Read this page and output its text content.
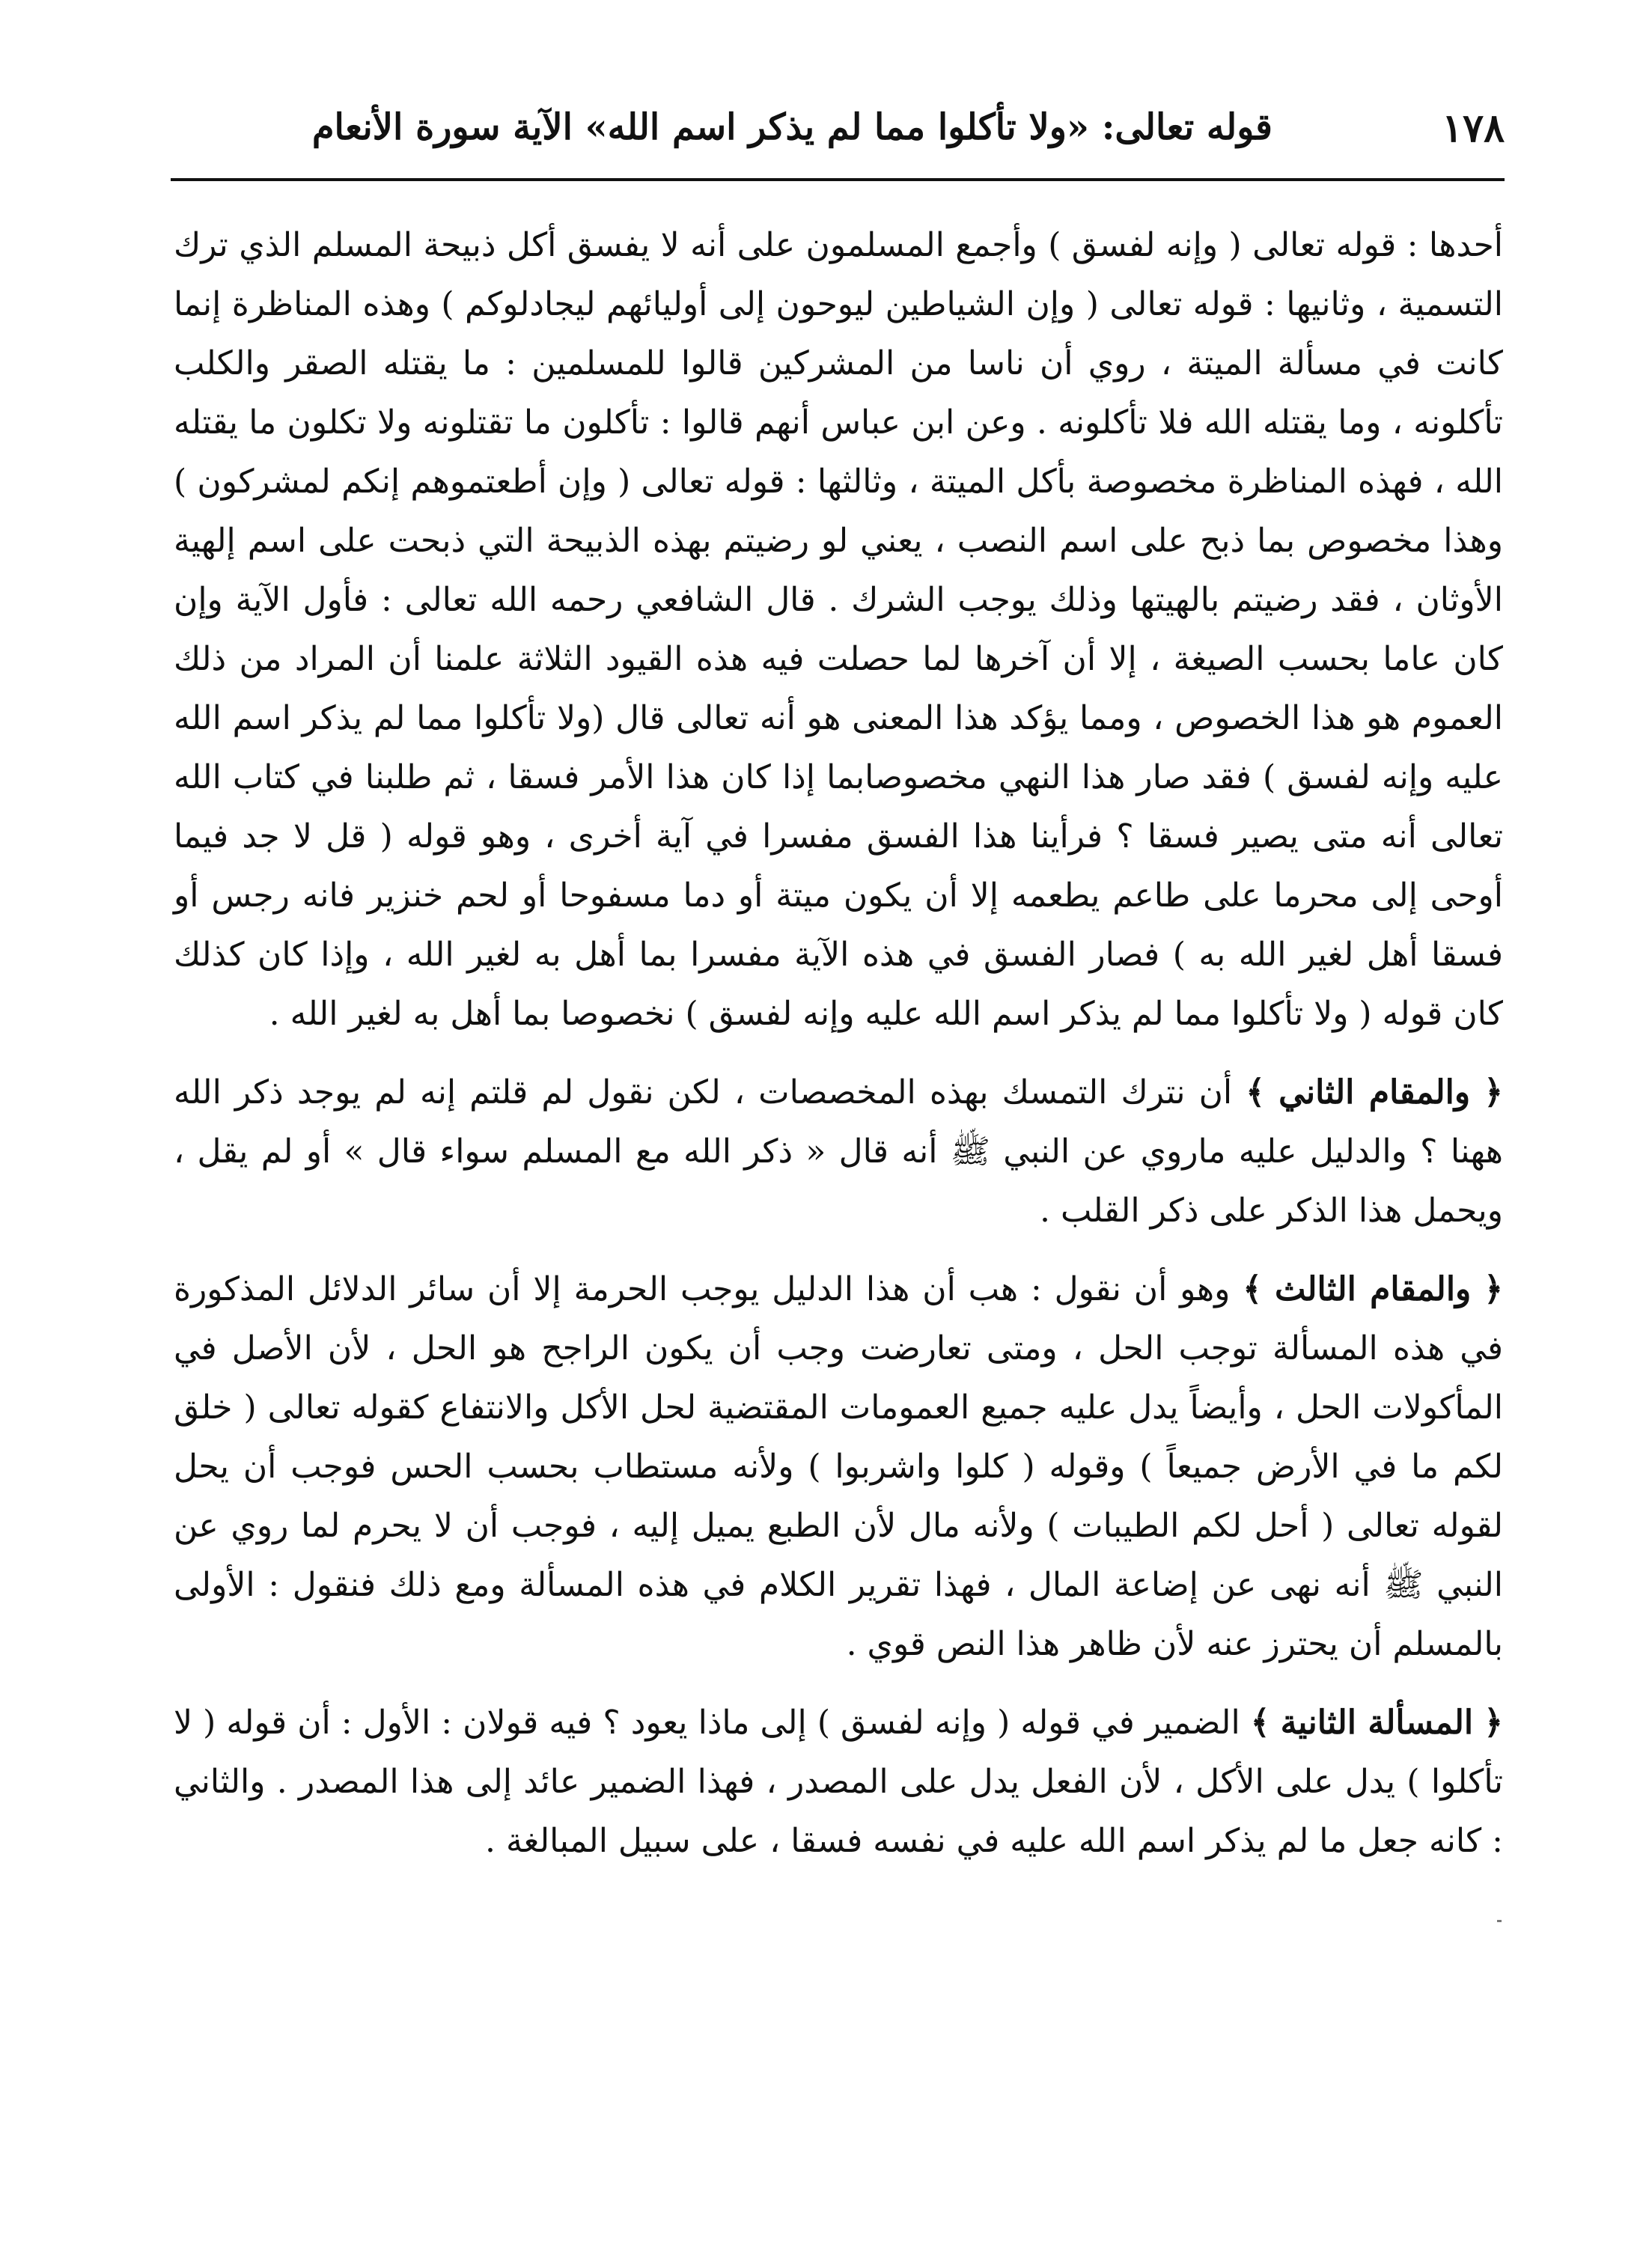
١٧٨
قوله تعالى: «ولا تأكلوا مما لم يذكر اسم الله» الآية سورة الأنعام

أحدها : قوله تعالى ( وإنه لفسق ) وأجمع المسلمون على أنه لا يفسق أكل ذبيحة المسلم الذي ترك التسمية ، وثانيها : قوله تعالى ( وإن الشياطين ليوحون إلى أوليائهم ليجادلوكم ) وهذه المناظرة إنما كانت في مسألة الميتة ، روي أن ناسا من المشركين قالوا للمسلمين : ما يقتله الصقر والكلب تأكلونه ، وما يقتله الله فلا تأكلونه . وعن ابن عباس أنهم قالوا : تأكلون ما تقتلونه ولا تكلون ما يقتله الله ، فهذه المناظرة مخصوصة بأكل الميتة ، وثالثها : قوله تعالى ( وإن أطعتموهم إنكم لمشركون ) وهذا مخصوص بما ذبح على اسم النصب ، يعني لو رضيتم بهذه الذبيحة التي ذبحت على اسم إلهية الأوثان ، فقد رضيتم بالهيتها وذلك يوجب الشرك . قال الشافعي رحمه الله تعالى : فأول الآية وإن كان عاما بحسب الصيغة ، إلا أن آخرها لما حصلت فيه هذه القيود الثلاثة علمنا أن المراد من ذلك العموم هو هذا الخصوص ، ومما يؤكد هذا المعنى هو أنه تعالى قال (ولا تأكلوا مما لم يذكر اسم الله عليه وإنه لفسق ) فقد صار هذا النهي مخصوصابما إذا كان هذا الأمر فسقا ، ثم طلبنا في كتاب الله تعالى أنه متى يصير فسقا ؟ فرأينا هذا الفسق مفسرا في آية أخرى ، وهو قوله ( قل لا جد فيما أوحى إلى محرما على طاعم يطعمه إلا أن يكون ميتة أو دما مسفوحا أو لحم خنزير فانه رجس أو فسقا أهل لغير الله به ) فصار الفسق في هذه الآية مفسرا بما أهل به لغير الله ، وإذا كان كذلك كان قوله ( ولا تأكلوا مما لم يذكر اسم الله عليه وإنه لفسق ) نخصوصا بما أهل به لغير الله .

﴿ والمقام الثاني ﴾ أن نترك التمسك بهذه المخصصات ، لكن نقول لم قلتم إنه لم يوجد ذكر الله ههنا ؟ والدليل عليه ماروي عن النبي ﷺ أنه قال « ذكر الله مع المسلم سواء قال » أو لم يقل ، ويحمل هذا الذكر على ذكر القلب .

﴿ والمقام الثالث ﴾ وهو أن نقول : هب أن هذا الدليل يوجب الحرمة إلا أن سائر الدلائل المذكورة في هذه المسألة توجب الحل ، ومتى تعارضت وجب أن يكون الراجح هو الحل ، لأن الأصل في المأكولات الحل ، وأيضاً يدل عليه جميع العمومات المقتضية لحل الأكل والانتفاع كقوله تعالى ( خلق لكم ما في الأرض جميعاً ) وقوله ( كلوا واشربوا ) ولأنه مستطاب بحسب الحس فوجب أن يحل لقوله تعالى ( أحل لكم الطيبات ) ولأنه مال لأن الطبع يميل إليه ، فوجب أن لا يحرم لما روي عن النبي ﷺ أنه نهى عن إضاعة المال ، فهذا تقرير الكلام في هذه المسألة ومع ذلك فنقول : الأولى بالمسلم أن يحترز عنه لأن ظاهر هذا النص قوي .

﴿ المسألة الثانية ﴾ الضمير في قوله ( وإنه لفسق ) إلى ماذا يعود ؟ فيه قولان : الأول : أن قوله ( لا تأكلوا ) يدل على الأكل ، لأن الفعل يدل على المصدر ، فهذا الضمير عائد إلى هذا المصدر . والثاني : كانه جعل ما لم يذكر اسم الله عليه في نفسه فسقا ، على سبيل المبالغة .
